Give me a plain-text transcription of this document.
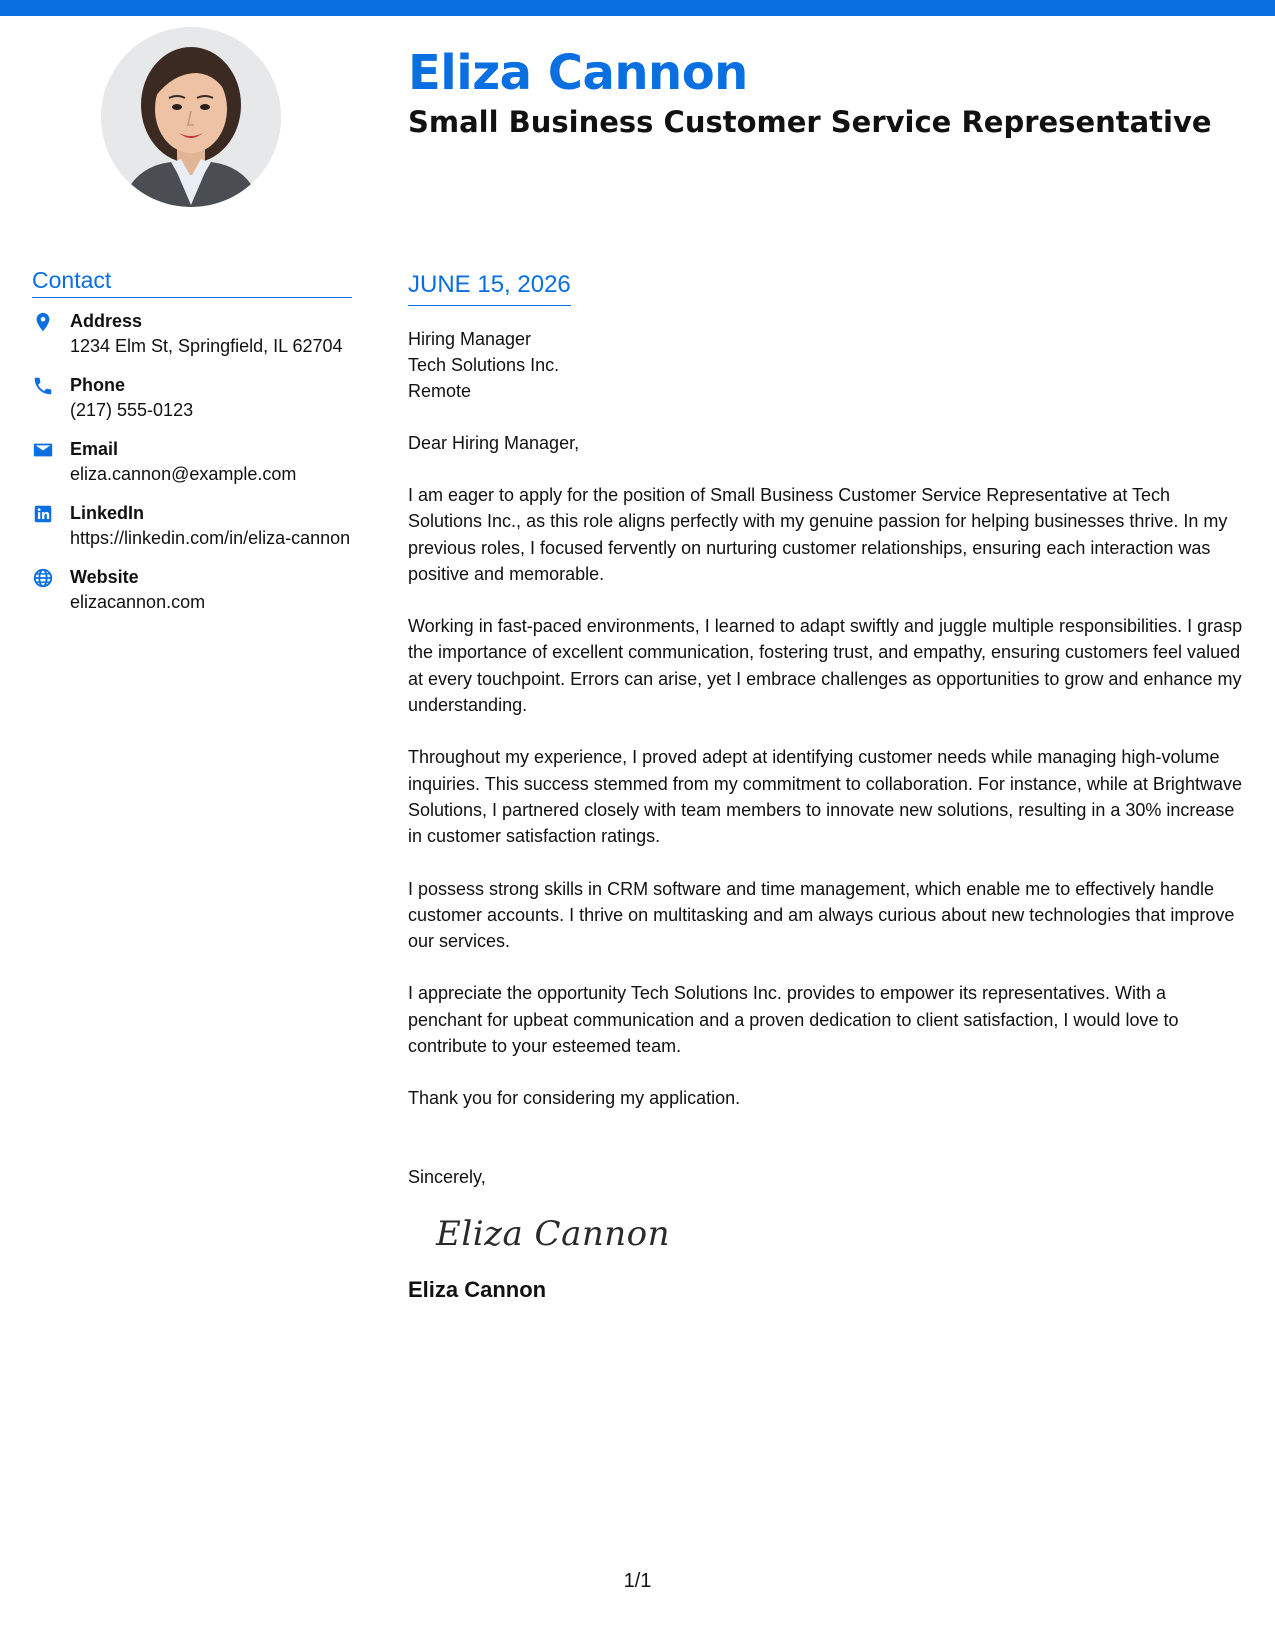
Eliza Cannon
Small Business Customer Service Representative
Contact
Address
1234 Elm St, Springfield, IL 62704
Phone
(217) 555-0123
Email
eliza.cannon@example.com
LinkedIn
https://linkedin.com/in/eliza-cannon
Website
elizacannon.com
JUNE 15, 2026
Hiring Manager
Tech Solutions Inc.
Remote
Dear Hiring Manager,

I am eager to apply for the position of Small Business Customer Service Representative at Tech Solutions Inc., as this role aligns perfectly with my genuine passion for helping businesses thrive. In my previous roles, I focused fervently on nurturing customer relationships, ensuring each interaction was positive and memorable.

Working in fast-paced environments, I learned to adapt swiftly and juggle multiple responsibilities. I grasp the importance of excellent communication, fostering trust, and empathy, ensuring customers feel valued at every touchpoint. Errors can arise, yet I embrace challenges as opportunities to grow and enhance my understanding.

Throughout my experience, I proved adept at identifying customer needs while managing high-volume inquiries. This success stemmed from my commitment to collaboration. For instance, while at Brightwave Solutions, I partnered closely with team members to innovate new solutions, resulting in a 30% increase in customer satisfaction ratings.

I possess strong skills in CRM software and time management, which enable me to effectively handle customer accounts. I thrive on multitasking and am always curious about new technologies that improve our services.

I appreciate the opportunity Tech Solutions Inc. provides to empower its representatives. With a penchant for upbeat communication and a proven dedication to client satisfaction, I would love to contribute to your esteemed team.

Thank you for considering my application.

Sincerely,
Eliza Cannon
Eliza Cannon
1/1
